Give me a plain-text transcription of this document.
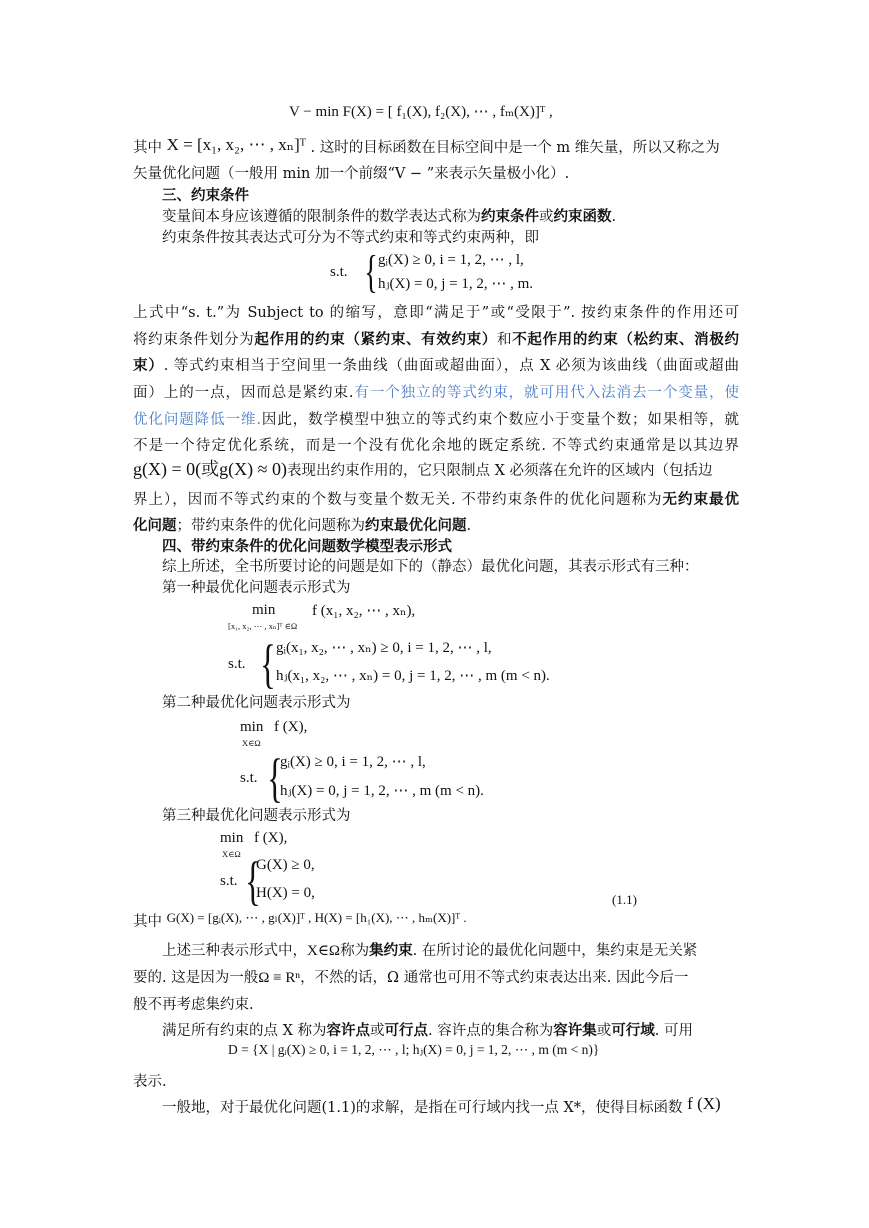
V − min F(X) = [ f₁(X), f₂(X), ⋯ , fₘ(X)]ᵀ ,
其中 X = [x₁, x₂, ⋯ , xₙ]ᵀ . 这时的目标函数在目标空间中是一个 m 维矢量，所以又称之为
矢量优化问题（一般用 min 加一个前缀“V − ”来表示矢量极小化）.
三、约束条件
变量间本身应该遵循的限制条件的数学表达式称为约束条件或约束函数.
约束条件按其表达式可分为不等式约束和等式约束两种，即
s.t. { gᵢ(X) ≥ 0, i = 1, 2, ⋯ , l,
hⱼ(X) = 0, j = 1, 2, ⋯ , m.
上式中“s. t.”为 Subject to 的缩写，意即“满足于”或“受限于”. 按约束条件的作用还可
将约束条件划分为起作用的约束（紧约束、有效约束）和不起作用的约束（松约束、消极约
束）. 等式约束相当于空间里一条曲线（曲面或超曲面），点 X 必须为该曲线（曲面或超曲
面）上的一点，因而总是紧约束.有一个独立的等式约束，就可用代入法消去一个变量，使
优化问题降低一维.因此，数学模型中独立的等式约束个数应小于变量个数；如果相等，就
不是一个待定优化系统，而是一个没有优化余地的既定系统. 不等式约束通常是以其边界
g(X) = 0(或g(X) ≈ 0)表现出约束作用的，它只限制点 X 必须落在允许的区域内（包括边
界上），因而不等式约束的个数与变量个数无关. 不带约束条件的优化问题称为无约束最优
化问题；带约束条件的优化问题称为约束最优化问题.
四、带约束条件的优化问题数学模型表示形式
综上所述，全书所要讨论的问题是如下的（静态）最优化问题，其表示形式有三种：
第一种最优化问题表示形式为
min
[x₁, x₂, ⋯ , xₙ]ᵀ ∈Ω
f (x₁, x₂, ⋯ , xₙ),
s.t. { gᵢ(x₁, x₂, ⋯ , xₙ) ≥ 0, i = 1, 2, ⋯ , l,
hⱼ(x₁, x₂, ⋯ , xₙ) = 0, j = 1, 2, ⋯ , m (m < n).
第二种最优化问题表示形式为
min
X∈Ω
f (X),
s.t. {
gᵢ(X) ≥ 0, i = 1, 2, ⋯ , l,
hⱼ(X) = 0, j = 1, 2, ⋯ , m (m < n).
第三种最优化问题表示形式为
min
X∈Ω
f (X),
s.t. {
G(X) ≥ 0,
H(X) = 0,	(1.1)
其中 G(X) = [gᵢ(X), ⋯ , gₗ(X)]ᵀ , H(X) = [h₁(X), ⋯ , hₘ(X)]ᵀ .
上述三种表示形式中，X∈Ω称为集约束. 在所讨论的最优化问题中，集约束是无关紧
要的. 这是因为一般Ω ≡ Rⁿ，不然的话，Ω 通常也可用不等式约束表达出来. 因此今后一
般不再考虑集约束.
满足所有约束的点 X 称为容许点或可行点. 容许点的集合称为容许集或可行域. 可用
D = {X | gᵢ(X) ≥ 0, i = 1, 2, ⋯ , l; hⱼ(X) = 0, j = 1, 2, ⋯ , m (m < n)}
表示.
一般地，对于最优化问题(1.1)的求解，是指在可行域内找一点 X*，使得目标函数 f (X)
